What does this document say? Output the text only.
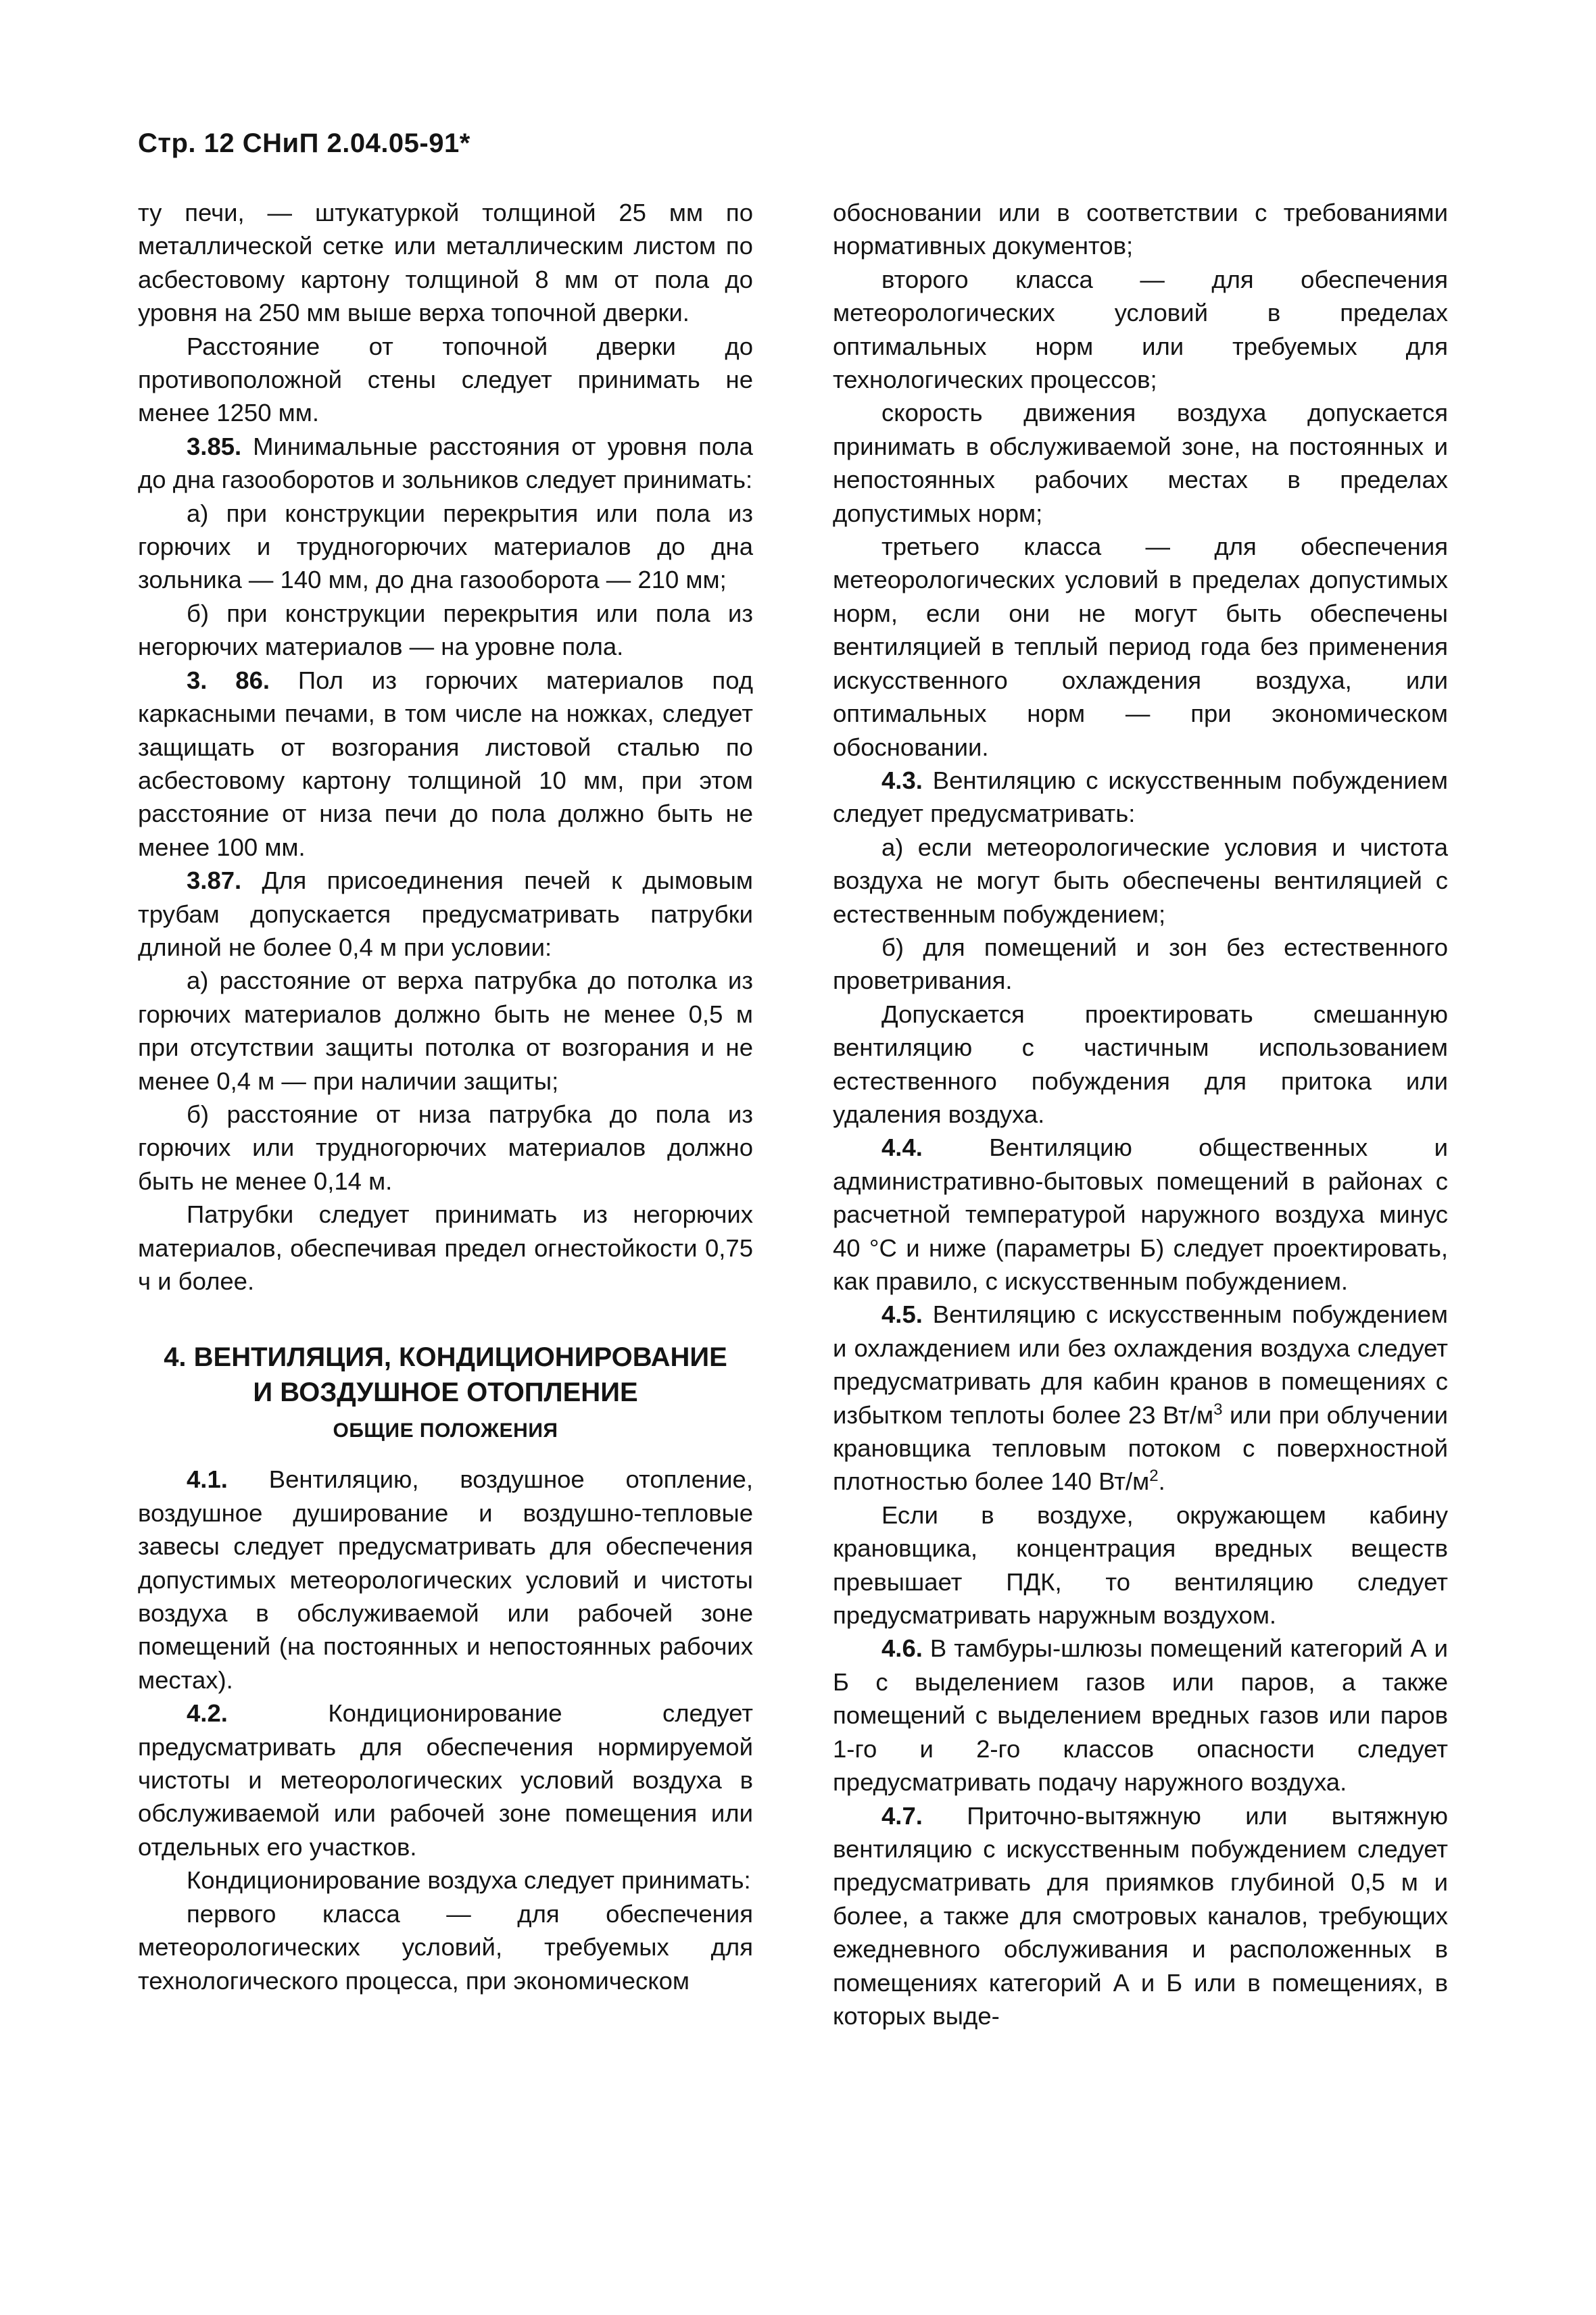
Стр. 12 СНиП 2.04.05-91*

ту печи, — штукатуркой толщиной 25 мм по металлической сетке или металлическим листом по асбестовому картону толщиной 8 мм от пола до уровня на 250 мм выше верха топочной дверки.

Расстояние от топочной дверки до противоположной стены следует принимать не менее 1250 мм.

3.85. Минимальные расстояния от уровня пола до дна газооборотов и зольников следует принимать:

а) при конструкции перекрытия или пола из горючих и трудногорючих материалов до дна зольника — 140 мм, до дна газооборота — 210 мм;

б) при конструкции перекрытия или пола из негорючих материалов — на уровне пола.

3. 86. Пол из горючих материалов под каркасными печами, в том числе на ножках, следует защищать от возгорания листовой сталью по асбестовому картону толщиной 10 мм, при этом расстояние от низа печи до пола должно быть не менее 100 мм.

3.87. Для присоединения печей к дымовым трубам допускается предусматривать патрубки длиной не более 0,4 м при условии:

а) расстояние от верха патрубка до потолка из горючих материалов должно быть не менее 0,5 м при отсутствии защиты потолка от возгорания и не менее 0,4 м — при наличии защиты;

б) расстояние от низа патрубка до пола из горючих или трудногорючих материалов должно быть не менее 0,14 м.

Патрубки следует принимать из негорючих материалов, обеспечивая предел огнестойкости 0,75 ч и более.

4. ВЕНТИЛЯЦИЯ, КОНДИЦИОНИРОВАНИЕ
И ВОЗДУШНОЕ ОТОПЛЕНИЕ
ОБЩИЕ ПОЛОЖЕНИЯ

4.1. Вентиляцию, воздушное отопление, воздушное душирование и воздушно-тепловые завесы следует предусматривать для обеспечения допустимых метеорологических условий и чистоты воздуха в обслуживаемой или рабочей зоне помещений (на постоянных и непостоянных рабочих местах).

4.2. Кондиционирование следует предусматривать для обеспечения нормируемой чистоты и метеорологических условий воздуха в обслуживаемой или рабочей зоне помещения или отдельных его участков.

Кондиционирование воздуха следует принимать:

первого класса — для обеспечения метеорологических условий, требуемых для технологического процесса, при экономическом

обосновании или в соответствии с требованиями нормативных документов;

второго класса — для обеспечения метеорологических условий в пределах оптимальных норм или требуемых для технологических процессов;

скорость движения воздуха допускается принимать в обслуживаемой зоне, на постоянных и непостоянных рабочих местах в пределах допустимых норм;

третьего класса — для обеспечения метеорологических условий в пределах допустимых норм, если они не могут быть обеспечены вентиляцией в теплый период года без применения искусственного охлаждения воздуха, или оптимальных норм — при экономическом обосновании.

4.3. Вентиляцию с искусственным побуждением следует предусматривать:

а) если метеорологические условия и чистота воздуха не могут быть обеспечены вентиляцией с естественным побуждением;

б) для помещений и зон без естественного проветривания.

Допускается проектировать смешанную вентиляцию с частичным использованием естественного побуждения для притока или удаления воздуха.

4.4. Вентиляцию общественных и административно-бытовых помещений в районах с расчетной температурой наружного воздуха минус 40 °С и ниже (параметры Б) следует проектировать, как правило, с искусственным побуждением.

4.5. Вентиляцию с искусственным побуждением и охлаждением или без охлаждения воздуха следует предусматривать для кабин кранов в помещениях с избытком теплоты более 23 $Вт/м^3$ или при облучении крановщика тепловым потоком с поверхностной плотностью более 140 $Вт/м^2$.

Если в воздухе, окружающем кабину крановщика, концентрация вредных веществ превышает ПДК, то вентиляцию следует предусматривать наружным воздухом.

4.6. В тамбуры-шлюзы помещений категорий А и Б с выделением газов или паров, а также помещений с выделением вредных газов или паров 1-го и 2-го классов опасности следует предусматривать подачу наружного воздуха.

4.7. Приточно-вытяжную или вытяжную вентиляцию с искусственным побуждением следует предусматривать для приямков глубиной 0,5 м и более, а также для смотровых каналов, требующих ежедневного обслуживания и расположенных в помещениях категорий А и Б или в помещениях, в которых выде-
